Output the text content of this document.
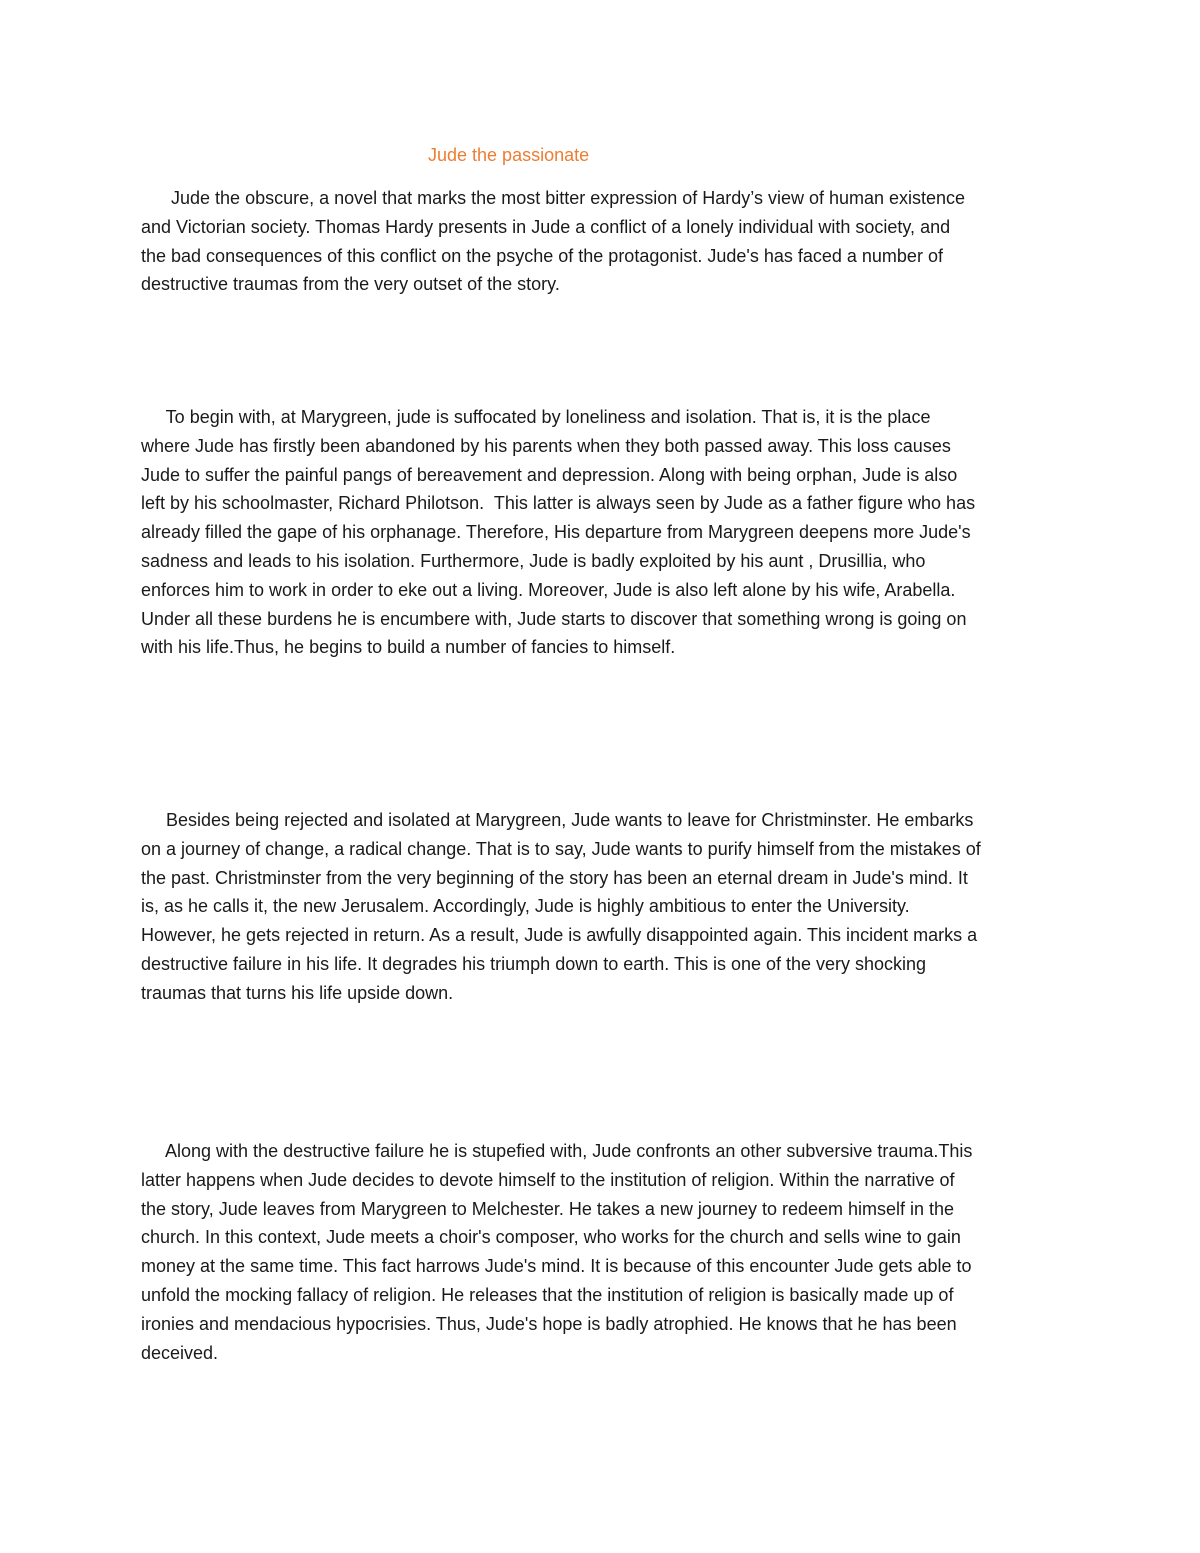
Jude the passionate
Jude the obscure, a novel that marks the most bitter expression of Hardy’s view of human existence
and Victorian society. Thomas Hardy presents in Jude a conflict of a lonely individual with society, and
the bad consequences of this conflict on the psyche of the protagonist. Jude's has faced a number of
destructive traumas from the very outset of the story.
To begin with, at Marygreen, jude is suffocated by loneliness and isolation. That is, it is the place
where Jude has firstly been abandoned by his parents when they both passed away. This loss causes
Jude to suffer the painful pangs of bereavement and depression. Along with being orphan, Jude is also
left by his schoolmaster, Richard Philotson.  This latter is always seen by Jude as a father figure who has
already filled the gape of his orphanage. Therefore, His departure from Marygreen deepens more Jude's
sadness and leads to his isolation. Furthermore, Jude is badly exploited by his aunt , Drusillia, who
enforces him to work in order to eke out a living. Moreover, Jude is also left alone by his wife, Arabella.
Under all these burdens he is encumbere with, Jude starts to discover that something wrong is going on
with his life.Thus, he begins to build a number of fancies to himself.
Besides being rejected and isolated at Marygreen, Jude wants to leave for Christminster. He embarks
on a journey of change, a radical change. That is to say, Jude wants to purify himself from the mistakes of
the past. Christminster from the very beginning of the story has been an eternal dream in Jude's mind. It
is, as he calls it, the new Jerusalem. Accordingly, Jude is highly ambitious to enter the University.
However, he gets rejected in return. As a result, Jude is awfully disappointed again. This incident marks a
destructive failure in his life. It degrades his triumph down to earth. This is one of the very shocking
traumas that turns his life upside down.
Along with the destructive failure he is stupefied with, Jude confronts an other subversive trauma.This
latter happens when Jude decides to devote himself to the institution of religion. Within the narrative of
the story, Jude leaves from Marygreen to Melchester. He takes a new journey to redeem himself in the
church. In this context, Jude meets a choir's composer, who works for the church and sells wine to gain
money at the same time. This fact harrows Jude's mind. It is because of this encounter Jude gets able to
unfold the mocking fallacy of religion. He releases that the institution of religion is basically made up of
ironies and mendacious hypocrisies. Thus, Jude's hope is badly atrophied. He knows that he has been
deceived.
